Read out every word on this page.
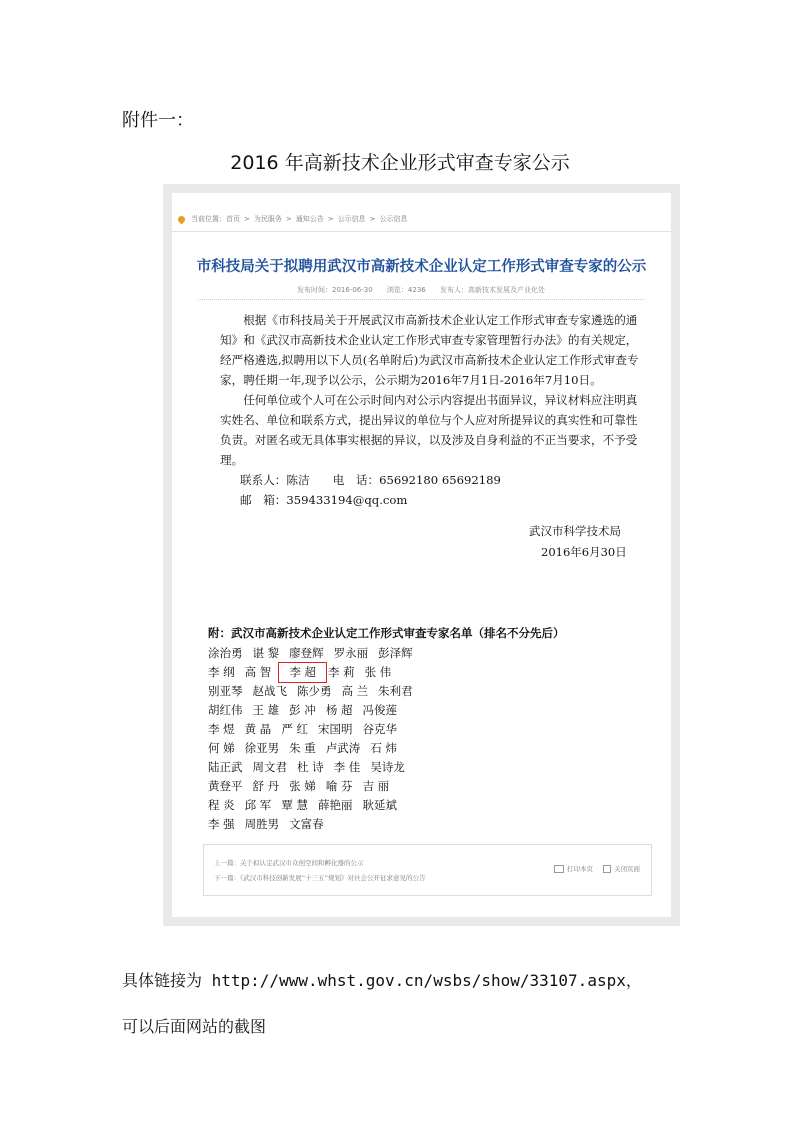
附件一：
2016 年高新技术企业形式审查专家公示
当前位置：首页 > 为民服务 > 通知公告 > 公示信息 > 公示信息
市科技局关于拟聘用武汉市高新技术企业认定工作形式审查专家的公示
发布时间：2016-06-30 浏览：4236 发布人：高新技术发展及产业化处

根据《市科技局关于开展武汉市高新技术企业认定工作形式审查专家遴选的通知》和《武汉市高新技术企业认定工作形式审查专家管理暂行办法》的有关规定，经严格遴选,拟聘用以下人员(名单附后)为武汉市高新技术企业认定工作形式审查专家，聘任期一年,现予以公示，公示期为2016年7月1日-2016年7月10日。

任何单位或个人可在公示时间内对公示内容提出书面异议，异议材料应注明真实姓名、单位和联系方式，提出异议的单位与个人应对所提异议的真实性和可靠性负责。对匿名或无具体事实根据的异议，以及涉及自身利益的不正当要求，不予受理。

联系人：陈洁　　电　话：65692180 65692189

邮　箱：359433194@qq.com

武汉市科学技术局
2016年6月30日
附：武汉市高新技术企业认定工作形式审查专家名单（排名不分先后）
涂治勇 谌 黎 廖登辉 罗永丽 彭泽辉
李 纲 高 智 李 超 李 莉 张 伟
别亚琴 赵战飞 陈少勇 高 兰 朱利君
胡红伟 王 雄 彭 冲 杨 超 冯俊莲
李 煜 黄 晶 严 红 宋国明 谷克华
何 娣 徐亚男 朱 重 卢武涛 石 炜
陆正武 周文君 杜 诗 李 佳 吴诗龙
黄登平 舒 丹 张 娣 喻 芬 吉 丽
程 炎 邱 军 覃 慧 薛艳丽 耿延斌
李 强 周胜男 文富春
上一篇：关于拟认定武汉市众创空间和孵化器的公示
下一篇：《武汉市科技创新发展“十三五”规划》对社会公开征求意见的公告
打印本页	关闭页面
具体链接为 http://www.whst.gov.cn/wsbs/show/33107.aspx，
可以后面网站的截图
